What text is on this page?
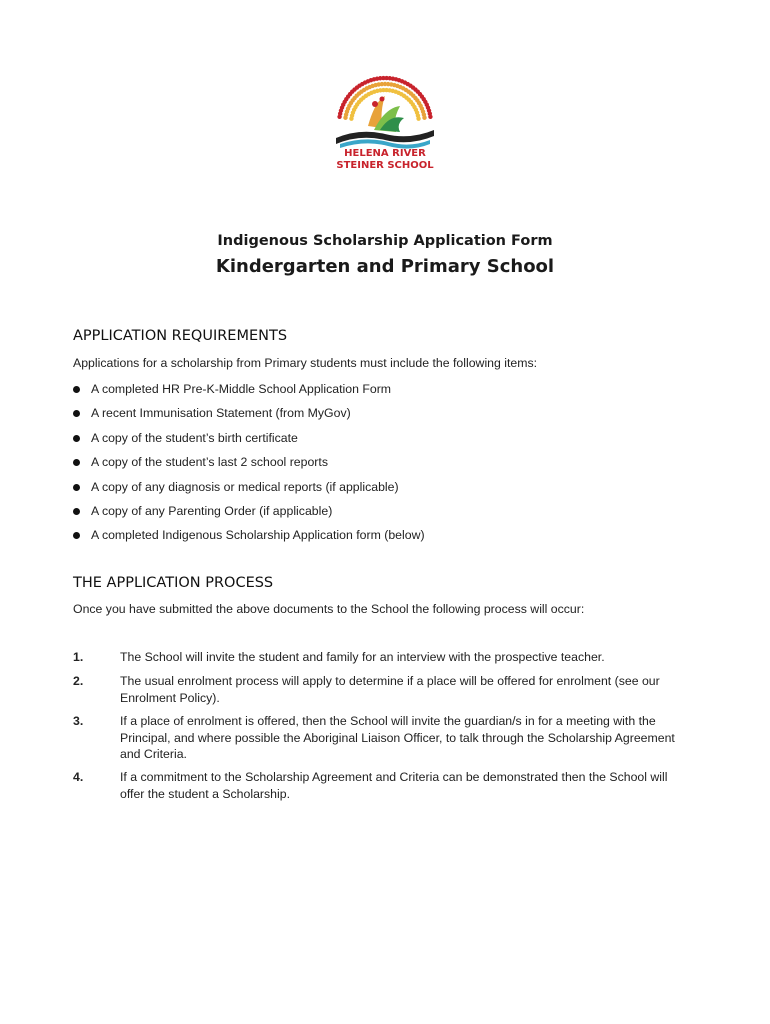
HELENA RIVER
STEINER SCHOOL
Indigenous Scholarship Application Form
Kindergarten and Primary School
APPLICATION REQUIREMENTS
Applications for a scholarship from Primary students must include the following items:
A completed HR Pre-K-Middle School Application Form
A recent Immunisation Statement (from MyGov)
A copy of the student’s birth certificate
A copy of the student’s last 2 school reports
A copy of any diagnosis or medical reports (if applicable)
A copy of any Parenting Order (if applicable)
A completed Indigenous Scholarship Application form (below)
THE APPLICATION PROCESS
Once you have submitted the above documents to the School the following process will occur:
1.	The School will invite the student and family for an interview with the prospective teacher.
2.	The usual enrolment process will apply to determine if a place will be offered for enrolment (see our Enrolment Policy).
3.	If a place of enrolment is offered, then the School will invite the guardian/s in for a meeting with the Principal, and where possible the Aboriginal Liaison Officer, to talk through the Scholarship Agreement and Criteria.
4.	If a commitment to the Scholarship Agreement and Criteria can be demonstrated then the School will offer the student a Scholarship.
